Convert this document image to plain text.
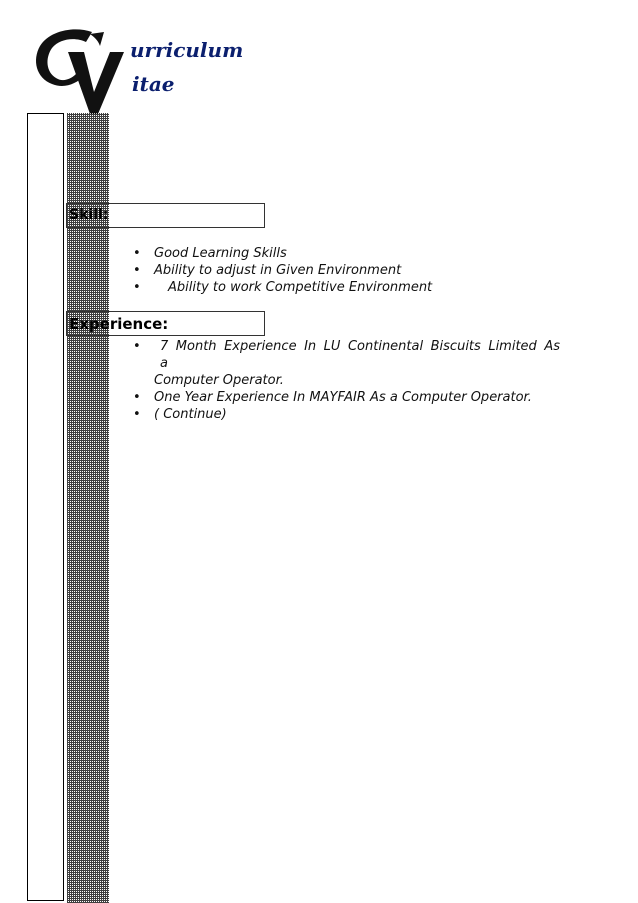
urriculum
itae
Skill:
• Good Learning Skills
• Ability to adjust in Given Environment
• Ability to work Competitive Environment
Experience:
• 7 Month Experience In LU Continental Biscuits Limited As a
Computer Operator.
• One Year Experience In MAYFAIR As a Computer Operator.
• ( Continue)
